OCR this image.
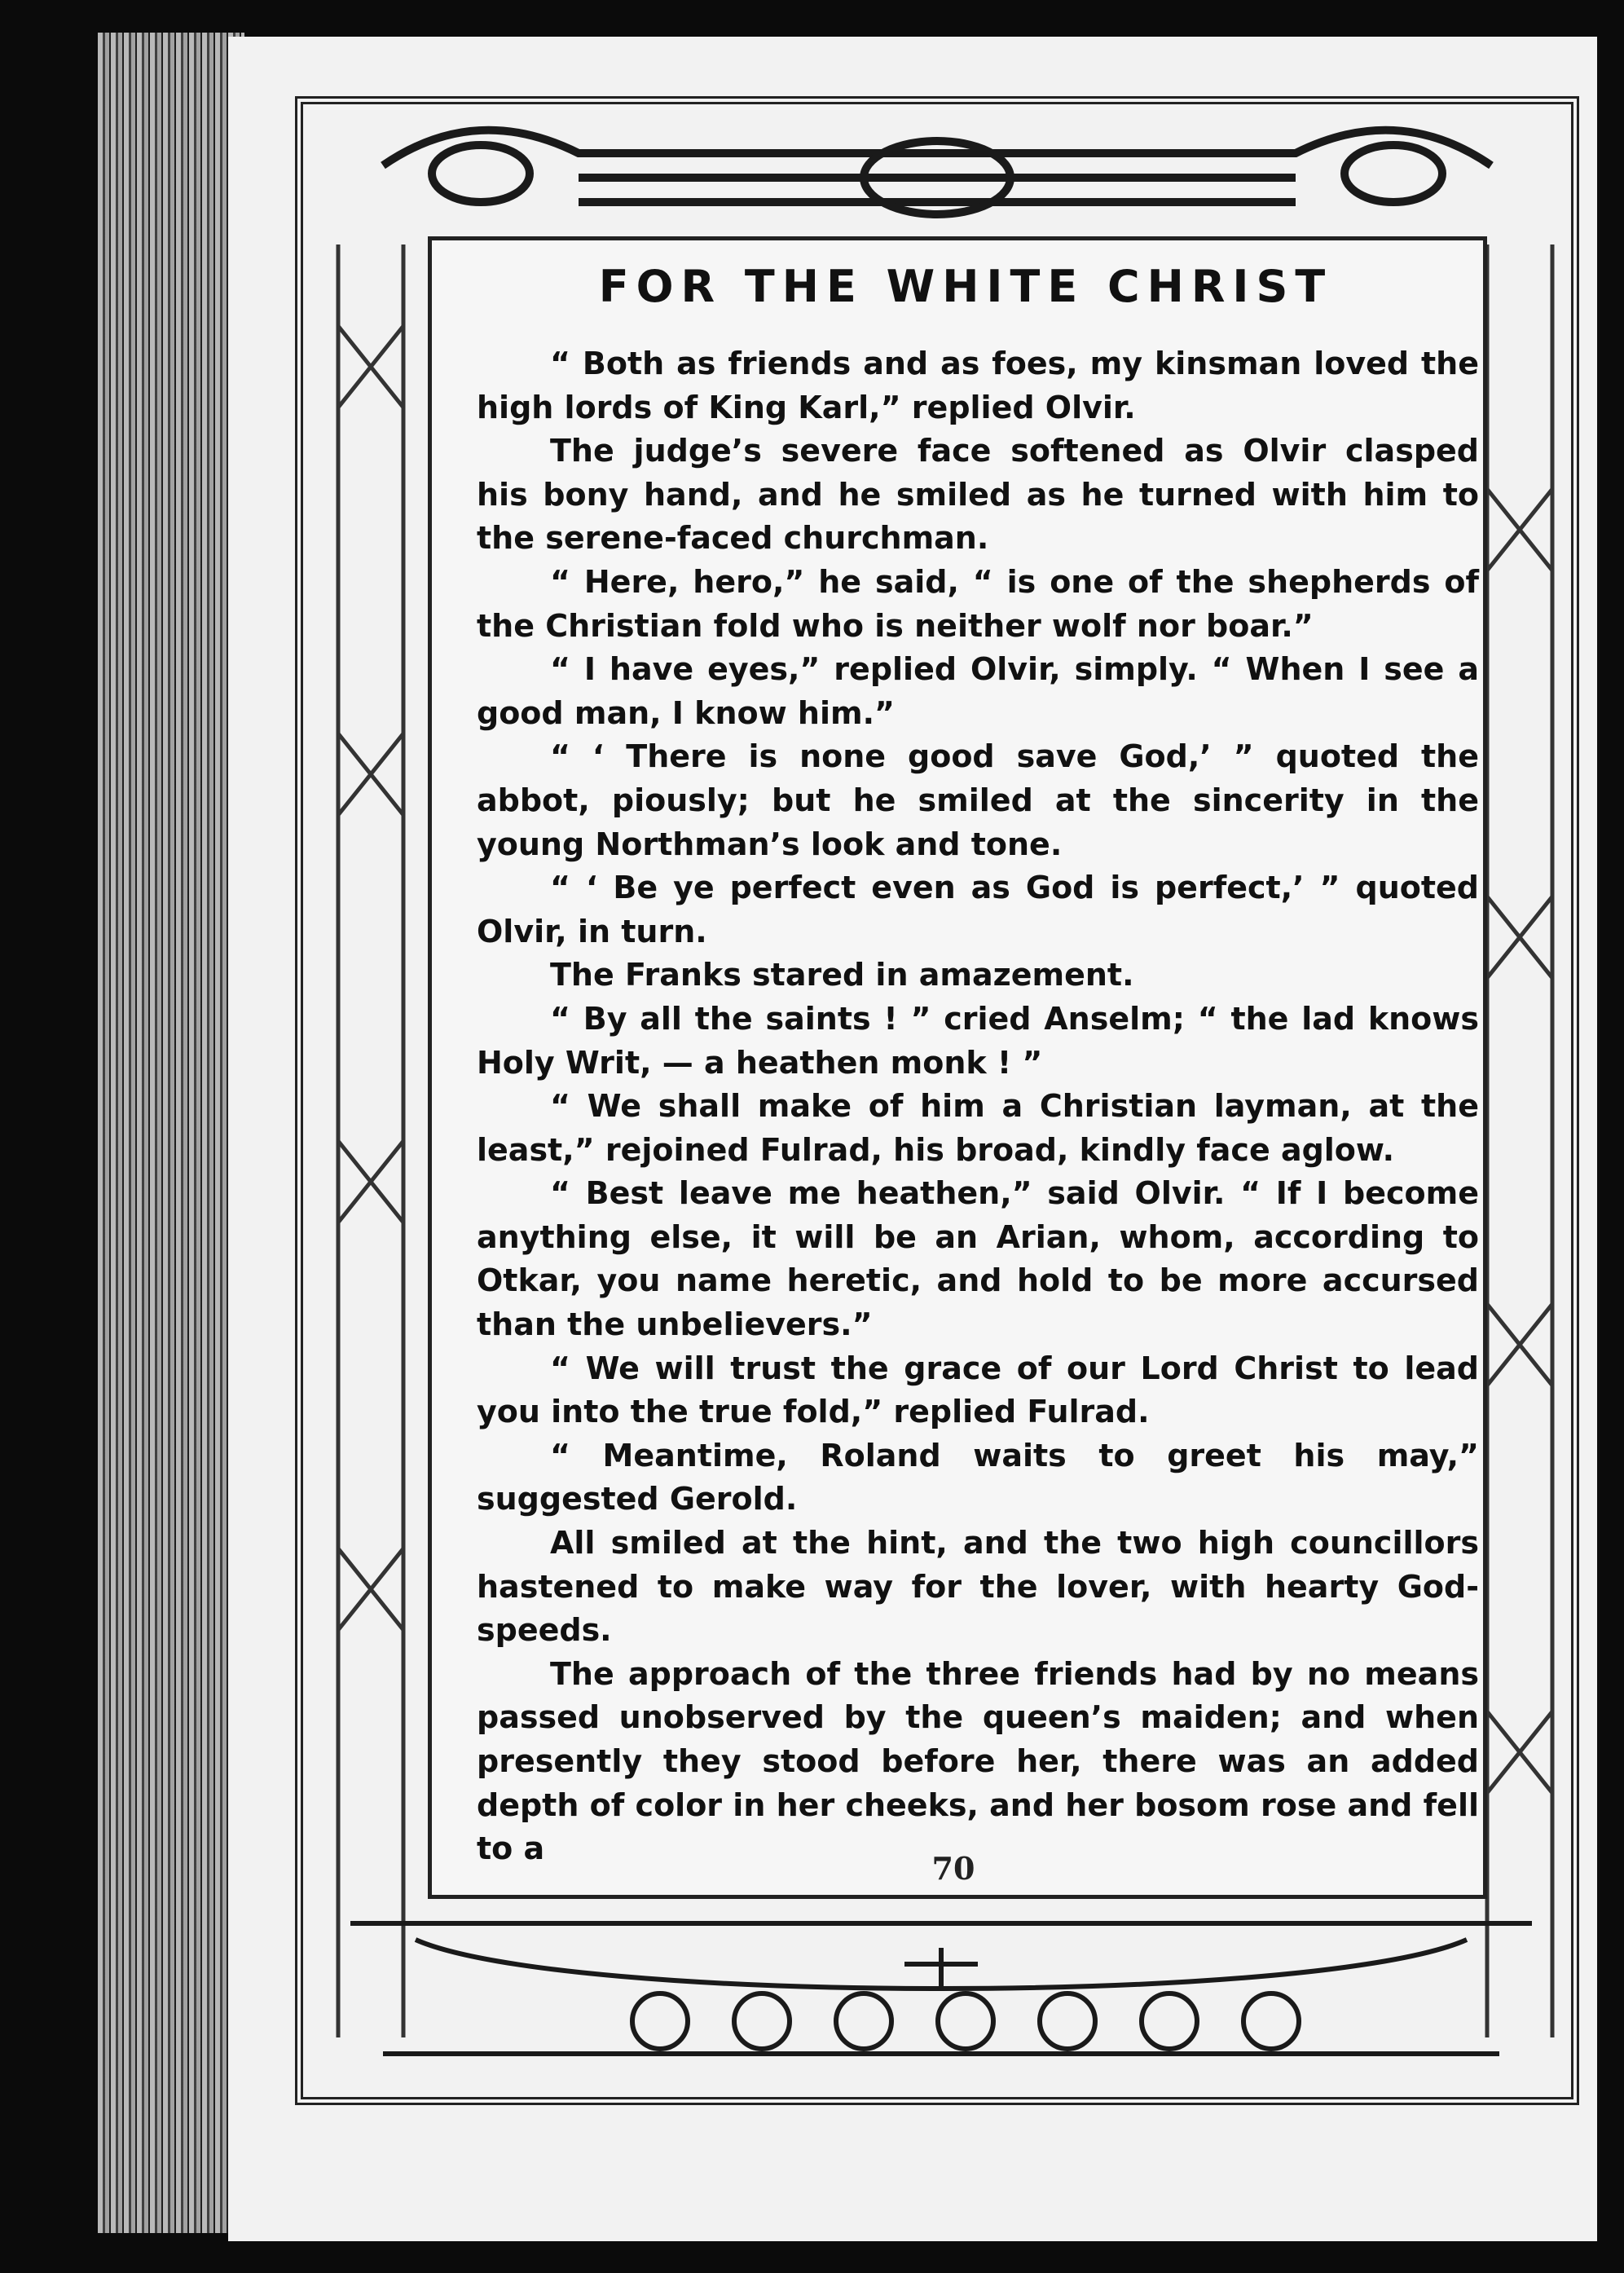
FOR THE WHITE CHRIST

“ Both as friends and as foes, my kinsman loved the high lords of King Karl,” replied Olvir.

The judge’s severe face softened as Olvir clasped his bony hand, and he smiled as he turned with him to the serene-faced churchman.

“ Here, hero,” he said, “ is one of the shepherds of the Christian fold who is neither wolf nor boar.”

“ I have eyes,” replied Olvir, simply. “ When I see a good man, I know him.”

“ ‘ There is none good save God,’ ” quoted the abbot, piously; but he smiled at the sincerity in the young Northman’s look and tone.

“ ‘ Be ye perfect even as God is perfect,’ ” quoted Olvir, in turn.

The Franks stared in amazement.

“ By all the saints ! ” cried Anselm; “ the lad knows Holy Writ, — a heathen monk ! ”

“ We shall make of him a Christian layman, at the least,” rejoined Fulrad, his broad, kindly face aglow.

“ Best leave me heathen,” said Olvir. “ If I become anything else, it will be an Arian, whom, according to Otkar, you name heretic, and hold to be more accursed than the unbelievers.”

“ We will trust the grace of our Lord Christ to lead you into the true fold,” replied Fulrad.

“ Meantime, Roland waits to greet his may,” suggested Gerold.

All smiled at the hint, and the two high councillors hastened to make way for the lover, with hearty God-speeds.

The approach of the three friends had by no means passed unobserved by the queen’s maiden; and when presently they stood before her, there was an added depth of color in her cheeks, and her bosom rose and fell to a

70
